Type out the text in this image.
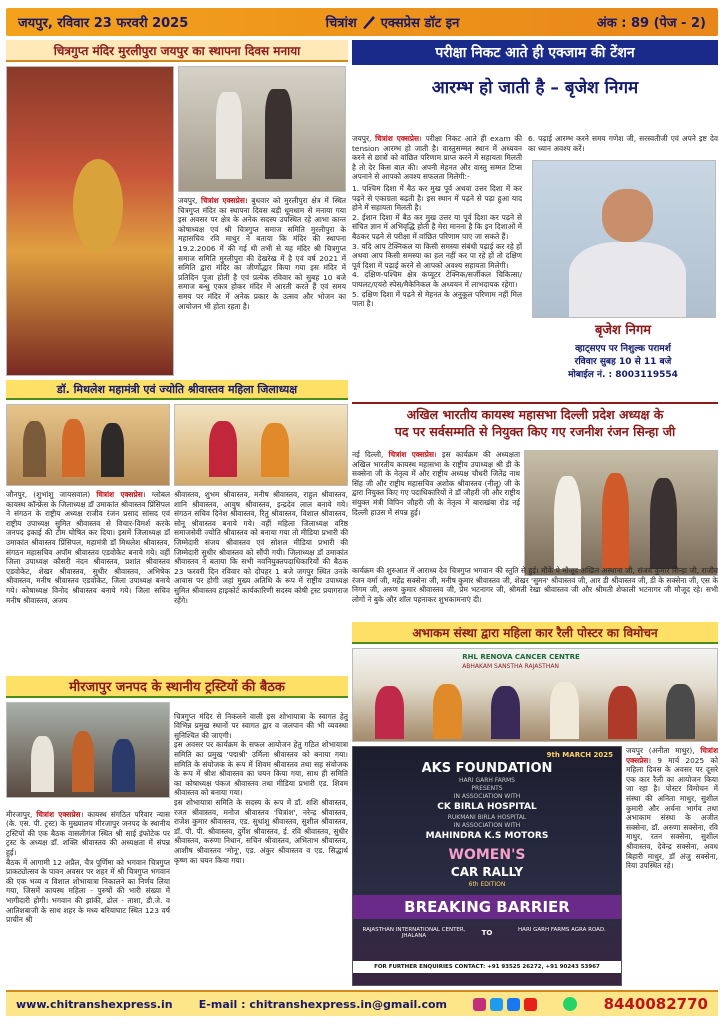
जयपुर, रविवार 23 फरवरी 2025	चित्रांश एक्सप्रेस डॉट इन	अंक : 89 (पेज - 2)
चित्रगुप्त मंदिर मुरलीपुरा जयपुर का स्थापना दिवस मनाया
जयपुर, चित्रांश एक्सप्रेस। बुधवार को मुरलीपुरा क्षेत्र में स्थित चित्रगुप्त मंदिर का स्थापना दिवस बड़ी धूमधाम से मनाया गया इस अवसर पर क्षेत्र के अनेक सदस्य उपस्थित रहे आभा कान्त कोषाध्यक्ष एवं श्री चित्रगुप्त समाज समिति मुरलीपुरा के महासचिव रवि माथुर ने बताया कि मंदिर की स्थापना 19.2.2006 में की गई थी तभी से यह मंदिर श्री चित्रगुप्त समाज समिति मुरलीपुरा की देखरेख में है एवं वर्ष 2021 में समिति द्वारा मंदिर का जीर्णोद्धार किया गया इस मंदिर में प्रतिदिन पूजा होती है एवं प्रत्येक रविवार को सुबह 10 बजे समाज बन्धु एकत्र होकर मंदिर में आरती करते हैं एवं समय समय पर मंदिर में अनेक प्रकार के उत्सव और भोजन का आयोजन भी होता रहता है।
परीक्षा निकट आते ही एक्जाम की टेंशन
आरम्भ हो जाती है – बृजेश निगम
जयपुर, चित्रांश एक्सप्रेस। परीक्षा निकट आते ही exam की tension आरम्भ हो जाती है। वास्तुसम्मत स्थान में अध्ययन करने से छात्रों को वांछित परिणाम प्राप्त करने में सहायता मिलती है तो देर किस बात की। अपनी मेहनत और वास्तु सम्मत टिप्स अपनाने से आपको अवश्य सफलता मिलेगी:-
1. पश्चिम दिशा में बैठ कर मुख पूर्व अथवा उत्तर दिशा में कर पढ़ने से एकाग्रता बढ़ती है। इस स्थान में पढ़ने से पढ़ा हुआ याद होने में सहायता मिलती है।
2. ईशान दिशा में बैठ कर मुख उत्तर या पूर्व दिशा कर पढ़ने से संचित ज्ञान में अभिवृद्धि होती है मेरा मानना है कि इन दिशाओं में बैठकर पढ़ने से परीक्षा में वांछित परिणाम पाए जा सकते हैं।
3. यदि आप टेक्निकल या किसी समस्या संबंधी पढ़ाई कर रहे हों अथवा आप किसी समस्या का हल नहीं कर पा रहे हों तो दक्षिण पूर्व दिशा में पढ़ाई करने से आपको अवश्य सहायता मिलेगी।
4. दक्षिण-पश्चिम क्षेत्र कंप्यूटर टेक्निक/सर्जीकल चिकित्सा/पायलट/एयरो स्पेस/मैकेनिकल के अध्ययन में लाभदायक रहेगा।
5. दक्षिण दिशा में पढ़ने से मेहनत के अनुकूल परिणाम नहीं मिल पाता है।
6. पढ़ाई आरम्भ करने समय गणेश जी, सरस्वतीजी एवं अपने इष्ट देव का ध्यान अवश्य करें।
बृजेश निगम
व्हाट्सएप पर निशुल्क परामर्श
रविवार सुबह 10 से 11 बजे
मोबाईल नं. : 8003119554
डॉ. मिथलेश महामंत्री एवं ज्योति श्रीवास्तव महिला जिलाध्यक्ष
जौनपुर, (शुभांशु जायसवाल) चित्रांश एक्सप्रेस। ग्लोबल कायस्थ कॉन्फ्रेंस के जिलाध्यक्ष डॉ उमाकांत श्रीवास्तव प्रिंसिपल ने संगठन के राष्ट्रीय अध्यक्ष राजीव रंजन प्रसाद सांसद एवं राष्ट्रीय उपाध्यक्ष सुमित श्रीवास्तव से विचार-विमर्श करके जनपद इकाई की टीम घोषित कर दिया। इसमें जिलाध्यक्ष डॉ उमाकांत श्रीवास्तव प्रिंसिपल, महामंत्री डॉ मिथलेश श्रीवास्तव, संगठन महासचिव अपॉम श्रीवास्तव एडवोकेट बनाये गये। वहीं जिला उपाध्यक्ष कौसरी नंदन श्रीवास्तव, प्रशांत श्रीवास्तव एडवोकेट, शेखर श्रीवास्तव, सुधीर श्रीवास्तव, अभिषेक श्रीवास्तव, मनीष श्रीवास्तव एडवोकेट, जिला उपाध्यक्ष बनाये गये। कोषाध्यक्ष विनोद श्रीवास्तव बनाये गये। जिला सचिव मनीष श्रीवास्तव, अजय
श्रीवास्तव, शुभम श्रीवास्तव, मनीष श्रीवास्तव, राहुल श्रीवास्तव, शानि श्रीवास्तव, आयुष श्रीवास्तव, इन्द्रदेव लाल बनाये गये। संगठन सचिव दिनेश श्रीवास्तव, रितु श्रीवास्तव, विशाल श्रीवास्तव, सोनू श्रीवास्तव बनाये गये। वहीं महिला जिलाध्यक्ष वरिष्ठ समाजसेवी ज्योति श्रीवास्तव को बनाया गया तो मीडिया प्रभारी की जिम्मेदारी संजय श्रीवास्तव एवं सोशल मीडिया प्रभारी की जिम्मेदारी सुधीर श्रीवास्तव को सौंपी गयी। जिलाध्यक्ष डॉ उमाकांत श्रीवास्तव ने बताया कि सभी नवनियुक्तपदाधिकारियों की बैठक 23 फरवरी दिन रविवार को दोपहर 1 बजे जगपुर स्थित उनके आवास पर होगी जहां मुख्य अतिथि के रूप में राष्ट्रीय उपाध्यक्ष सुमित श्रीवास्तव हाइकोर्ट कार्यकारिणी सदस्य कोषी ट्रस्ट प्रयागराज रहेंगे।
अखिल भारतीय कायस्थ महासभा दिल्ली प्रदेश अध्यक्ष के
पद पर सर्वसम्मति से नियुक्त किए गए रजनीश रंजन सिन्हा जी
नई दिल्ली, चित्रांश एक्सप्रेस। इस कार्यक्रम की अध्यक्षता अखिल भारतीय कायस्थ महासभा के राष्ट्रीय उपाध्यक्ष श्री डी के सक्सेना जी के नेतृत्व में और राष्ट्रीय अध्यक्ष चौधरी जितेंद्र नाथ सिंह जी और राष्ट्रीय महासचिव अशोक श्रीवास्तव (नीलू) जी के द्वारा नियुक्त किए गए पदाधिकारियों ने डॉ जौहरी जी और राष्ट्रीय संयुक्त मंत्री विपिन जौहरी जी के नेतृत्व में बाराखंबा रोड नई दिल्ली हाउस में संपन्न हुई।
कार्यक्रम की शुरुआत में आराध्य देव चित्रगुप्त भगवान की स्तुति से हुई। मौके पे मौजूद अखिल अस्थाना जी, संजय कुमार सिन्हा जी, राजीव रंजन वर्मा जी, महेंद्र सक्सेना जी, मनीष कुमार श्रीवास्तव जी, शेखर 'सुमन' श्रीवास्तव जी, आर डी श्रीवास्तव जी, डी के सक्सेना जी, एस के निगम जी, अरुण कुमार श्रीवास्तव जी, प्रेम भटनागर जी, श्रीमती रेखा श्रीवास्तव जी और श्रीमती शेफाली भटनागर जी मौजूद रहे। सभी लोगों ने बुके और शॉल पहनाकर शुभकामनाएं दी।
मीरजापुर जनपद के स्थानीय ट्रस्टियों की बैठक

मीरजापुर, चित्रांश एक्सप्रेस। कायस्थ संगठित परिवार न्यास (के. एस. पी. ट्रस्ट) के मुख्यालय मीरजापुर जनपद के स्थानीय ट्रस्टियों की एक बैठक वासलीगंज स्थित श्री साई इंफोटेक पर ट्रस्ट के अध्यक्ष डॉ. शक्ति श्रीवास्तव की अध्यक्षता में संपन्न हुई।
बैठक में आगामी 12 अप्रैल, चैत्र पूर्णिमा को भगवान चित्रगुप्त प्राकट्योत्सव के पावन अवसर पर शहर में श्री चित्रगुप्त भगवान की एक भव्य व विशाल शोभायात्रा निकालने का निर्णय लिया गया, जिसमें कायस्थ महिला - पुरुषों की भारी संख्या में भागीदारी होगी। भगवान की झांकी, ढोल - ताशा, डी.जे. व आतिशबाजी के साथ शहर के मध्य बरियाघाट स्थित 123 वर्ष प्राचीन श्री

चित्रगुप्त मंदिर से निकलने वाली इस शोभायात्रा के स्वागत हेतु विभिन्न प्रमुख स्थानों पर स्वागत द्वार व जलपान की भी व्यवस्था सुनिश्चित की जाएगी।
इस अवसर पर कार्यक्रम के सफल आयोजन हेतु गठित शोभायात्रा समिति का प्रमुख 'पद्मश्री' उर्मिला श्रीवास्तव को बनाया गया। समिति के संयोजक के रूप में शिवम श्रीवास्तव तथा सह संयोजक के रूप में श्रीश श्रीवास्तव का चयन किया गया, साथ ही समिति का कोषाध्यक्ष पंकज श्रीवास्तव तथा मीडिया प्रभारी एड. शिवम श्रीवास्तव को बनाया गया।
इस शोभायात्रा समिति के सदस्य के रूप में डॉ. शशि श्रीवास्तव, रजत श्रीवास्तव, मनोज श्रीवास्तव 'चित्रांश', नरेन्द्र श्रीवास्तव, राजेश कुमार श्रीवास्तव, एड. सुधांशु श्रीवास्तव, सुशील श्रीवास्तव, डॉ. पी. पी. श्रीवास्तव, दुर्गेश श्रीवास्तव, ई. रवि श्रीवास्तव, सुधीर श्रीवास्तव, करुणा निधान, सचिन श्रीवास्तव, अभिताभ श्रीवास्तव, आशीष श्रीवास्तव 'मोनू', एड. अंकुर श्रीवास्तव व एड. सिद्धार्थ कृष्ण का चयन किया गया।

अभाकम संस्था द्वारा महिला कार रैली पोस्टर का विमोचन
RHL RENOVA CANCER CENTRE
ABHAKAM SANSTHA RAJASTHAN
9th MARCH 2025
AKS FOUNDATION
HARI GARH FARMS
PRESENTS
IN ASSOCIATION WITH
CK BIRLA HOSPITAL
RUKMANI BIRLA HOSPITAL
IN ASSOCIATION WITH
MAHINDRA K.S MOTORS
WOMEN'S
CAR RALLY
6th EDITION
BREAKING BARRIER
RAJASTHAN INTERNATIONAL CENTER, JHALANA	TO	HARI GARH FARMS AGRA ROAD.
FOR FURTHER ENQUIRIES CONTACT: +91 93525 26272, +91 90243 53967
जयपुर (अनीता माथुर), चित्रांश एक्सप्रेस। 9 मार्च 2025 को महिला दिवस के अवसर पर दूसरे एक कार रैली का आयोजन किया जा रहा है। पोस्टर विमोचन में संस्था की अनिता माथुर, सुशील कुमारी और अर्चना भार्गव तथा अभाकाम संस्था के अजीत सक्सेना, डॉ. अरुणा सक्सेना, रवि माथुर, रतन सक्सेना, सुशील श्रीवास्तव, देवेन्द्र सक्सेना, अवध बिहारी माथुर, डॉ अंजु सक्सेना, रिया उपस्थित रहे।
www.chitranshexpress.in E-mail : chitranshexpress.in@gmail.com	8440082770
